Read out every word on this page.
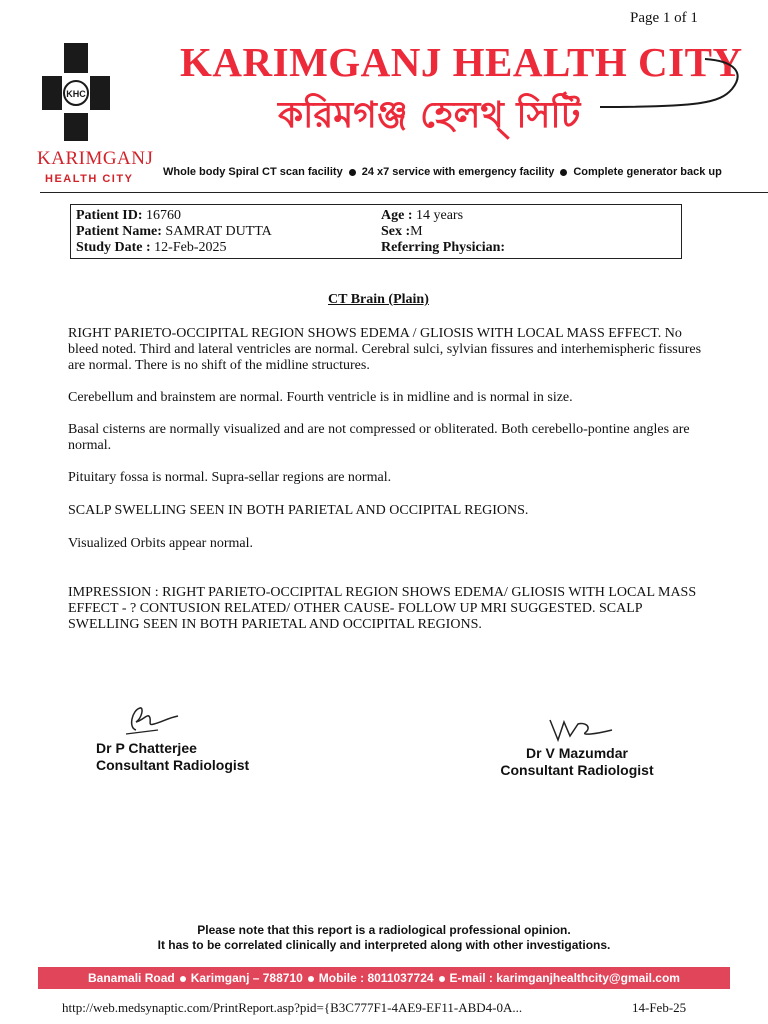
Page 1 of 1
KHC
KARIMGANJ
HEALTH CITY
KARIMGANJ HEALTH CITY
করিমগঞ্জ হেলথ্ সিটি
Whole body Spiral CT scan facility 24 x7 service with emergency facility Complete generator back up
Patient ID: 16760
Patient Name: SAMRAT DUTTA
Study Date : 12-Feb-2025
Age : 14 years
Sex :M
Referring Physician:
CT Brain (Plain)
RIGHT PARIETO-OCCIPITAL REGION SHOWS EDEMA / GLIOSIS WITH LOCAL MASS EFFECT. No bleed noted. Third and lateral ventricles are normal. Cerebral sulci, sylvian fissures and interhemispheric fissures are normal. There is no shift of the midline structures.
Cerebellum and brainstem are normal. Fourth ventricle is in midline and is normal in size.
Basal cisterns are normally visualized and are not compressed or obliterated. Both cerebello-pontine angles are normal.
Pituitary fossa is normal. Supra-sellar regions are normal.
SCALP SWELLING SEEN IN BOTH PARIETAL AND OCCIPITAL REGIONS.
Visualized Orbits appear normal.
IMPRESSION : RIGHT PARIETO-OCCIPITAL REGION SHOWS EDEMA/ GLIOSIS WITH LOCAL MASS EFFECT - ? CONTUSION RELATED/ OTHER CAUSE- FOLLOW UP MRI SUGGESTED. SCALP SWELLING SEEN IN BOTH PARIETAL AND OCCIPITAL REGIONS.
Dr P Chatterjee
Consultant Radiologist
Dr V Mazumdar
Consultant Radiologist
Please note that this report is a radiological professional opinion.
It has to be correlated clinically and interpreted along with other investigations.
Banamali Road Karimganj – 788710 Mobile : 8011037724 E-mail : karimganjhealthcity@gmail.com
http://web.medsynaptic.com/PrintReport.asp?pid={B3C777F1-4AE9-EF11-ABD4-0A...	14-Feb-25
